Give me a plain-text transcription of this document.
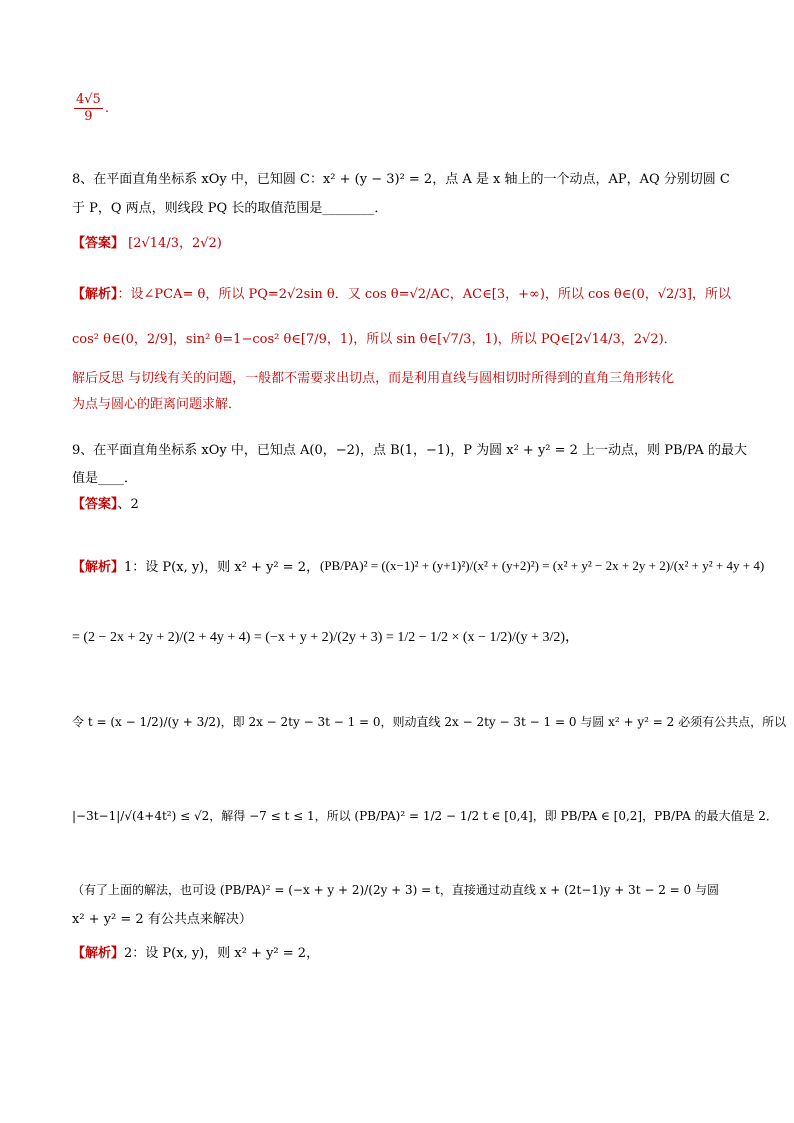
$\frac{4√5}{9}$ .
8、在平面直角坐标系 xOy 中，已知圆 C：x² + (y − 3)² = 2，点 A 是 x 轴上的一个动点，AP，AQ 分别切圆 C
于 P，Q 两点，则线段 PQ 长的取值范围是________．
【答案】 [2√14/3，2√2)
【解析】：设∠PCA= θ，所以 PQ=2√2sin θ．又 cos θ=√2/AC，AC∈[3，+∞)，所以 cos θ∈(0，√2/3]，所以
cos² θ∈(0，2/9]，sin² θ=1−cos² θ∈[7/9，1)，所以 sin θ∈[√7/3，1)，所以 PQ∈[2√14/3，2√2)．
解后反思 与切线有关的问题，一般都不需要求出切点，而是利用直线与圆相切时所得到的直角三角形转化
为点与圆心的距离问题求解．
9、在平面直角坐标系 xOy 中，已知点 A(0，−2)，点 B(1，−1)，P 为圆 x² + y² = 2 上一动点，则 PB/PA 的最大
值是____．
【答案】、2
【解析】1：设 P(x, y)，则 x² + y² = 2， (PB/PA)² = ((x−1)² + (y+1)²)/(x² + (y+2)²) = (x² + y² − 2x + 2y + 2)/(x² + y² + 4y + 4)
= (2 − 2x + 2y + 2)/(2 + 4y + 4) = (−x + y + 2)/(2y + 3) = 1/2 − 1/2 × (x − 1/2)/(y + 3/2)，
令 t = (x − 1/2)/(y + 3/2)，即 2x − 2ty − 3t − 1 = 0，则动直线 2x − 2ty − 3t − 1 = 0 与圆 x² + y² = 2 必须有公共点，所以
|−3t−1|/√(4+4t²) ≤ √2，解得 −7 ≤ t ≤ 1，所以 (PB/PA)² = 1/2 − 1/2 t ∈ [0,4]，即 PB/PA ∈ [0,2]，PB/PA 的最大值是 2．
（有了上面的解法，也可设 (PB/PA)² = (−x + y + 2)/(2y + 3) = t，直接通过动直线 x + (2t−1)y + 3t − 2 = 0 与圆
x² + y² = 2 有公共点来解决）
【解析】2：设 P(x, y)，则 x² + y² = 2，
